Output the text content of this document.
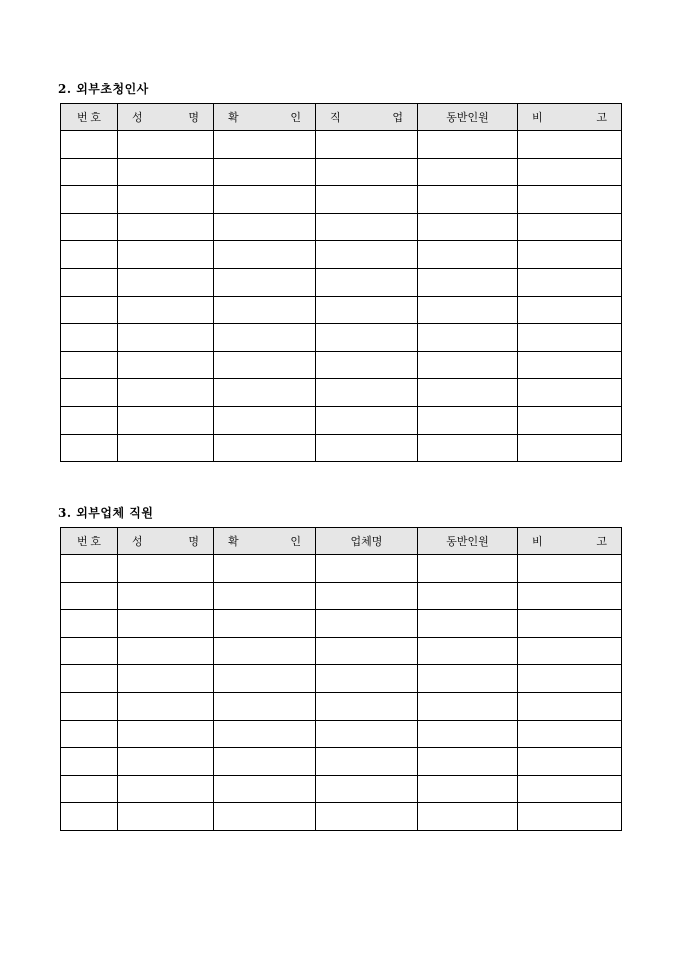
2. 외부초청인사
번 호	성 명	확 인	직 업	동반인원	비 고

3. 외부업체 직원
번 호	성 명	확 인	업체명	동반인원	비 고
